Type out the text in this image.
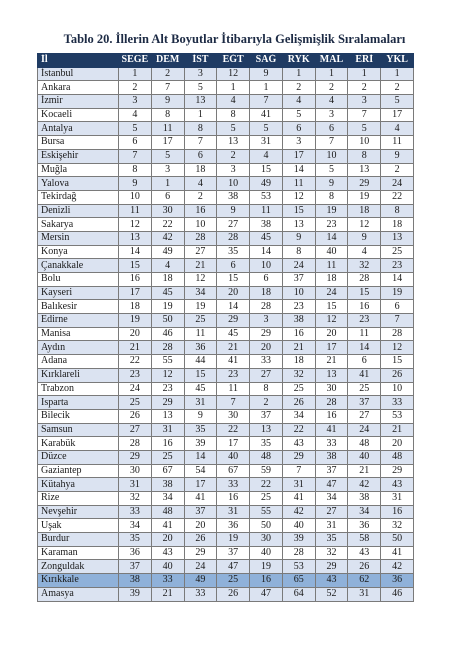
Tablo 20. İllerin Alt Boyutlar İtibarıyla Gelişmişlik Sıralamaları
İl	SEGE	DEM	İST	EĞT	SAĞ	RYK	MAL	ERİ	YKL
İstanbul	1	2	3	12	9	1	1	1	1
Ankara	2	7	5	1	1	2	2	2	2
İzmir	3	9	13	4	7	4	4	3	5
Kocaeli	4	8	1	8	41	5	3	7	17
Antalya	5	11	8	5	5	6	6	5	4
Bursa	6	17	7	13	31	3	7	10	11
Eskişehir	7	5	6	2	4	17	10	8	9
Muğla	8	3	18	3	15	14	5	13	2
Yalova	9	1	4	10	49	11	9	29	24
Tekirdağ	10	6	2	38	53	12	8	19	22
Denizli	11	30	16	9	11	15	19	18	8
Sakarya	12	22	10	27	38	13	23	12	18
Mersin	13	42	28	28	45	9	14	9	13
Konya	14	49	27	35	14	8	40	4	25
Çanakkale	15	4	21	6	10	24	11	32	23
Bolu	16	18	12	15	6	37	18	28	14
Kayseri	17	45	34	20	18	10	24	15	19
Balıkesir	18	19	19	14	28	23	15	16	6
Edirne	19	50	25	29	3	38	12	23	7
Manisa	20	46	11	45	29	16	20	11	28
Aydın	21	28	36	21	20	21	17	14	12
Adana	22	55	44	41	33	18	21	6	15
Kırklareli	23	12	15	23	27	32	13	41	26
Trabzon	24	23	45	11	8	25	30	25	10
Isparta	25	29	31	7	2	26	28	37	33
Bilecik	26	13	9	30	37	34	16	27	53
Samsun	27	31	35	22	13	22	41	24	21
Karabük	28	16	39	17	35	43	33	48	20
Düzce	29	25	14	40	48	29	38	40	48
Gaziantep	30	67	54	67	59	7	37	21	29
Kütahya	31	38	17	33	22	31	47	42	43
Rize	32	34	41	16	25	41	34	38	31
Nevşehir	33	48	37	31	55	42	27	34	16
Uşak	34	41	20	36	50	40	31	36	32
Burdur	35	20	26	19	30	39	35	58	50
Karaman	36	43	29	37	40	28	32	43	41
Zonguldak	37	40	24	47	19	53	29	26	42
Kırıkkale	38	33	49	25	16	65	43	62	36
Amasya	39	21	33	26	47	64	52	31	46
